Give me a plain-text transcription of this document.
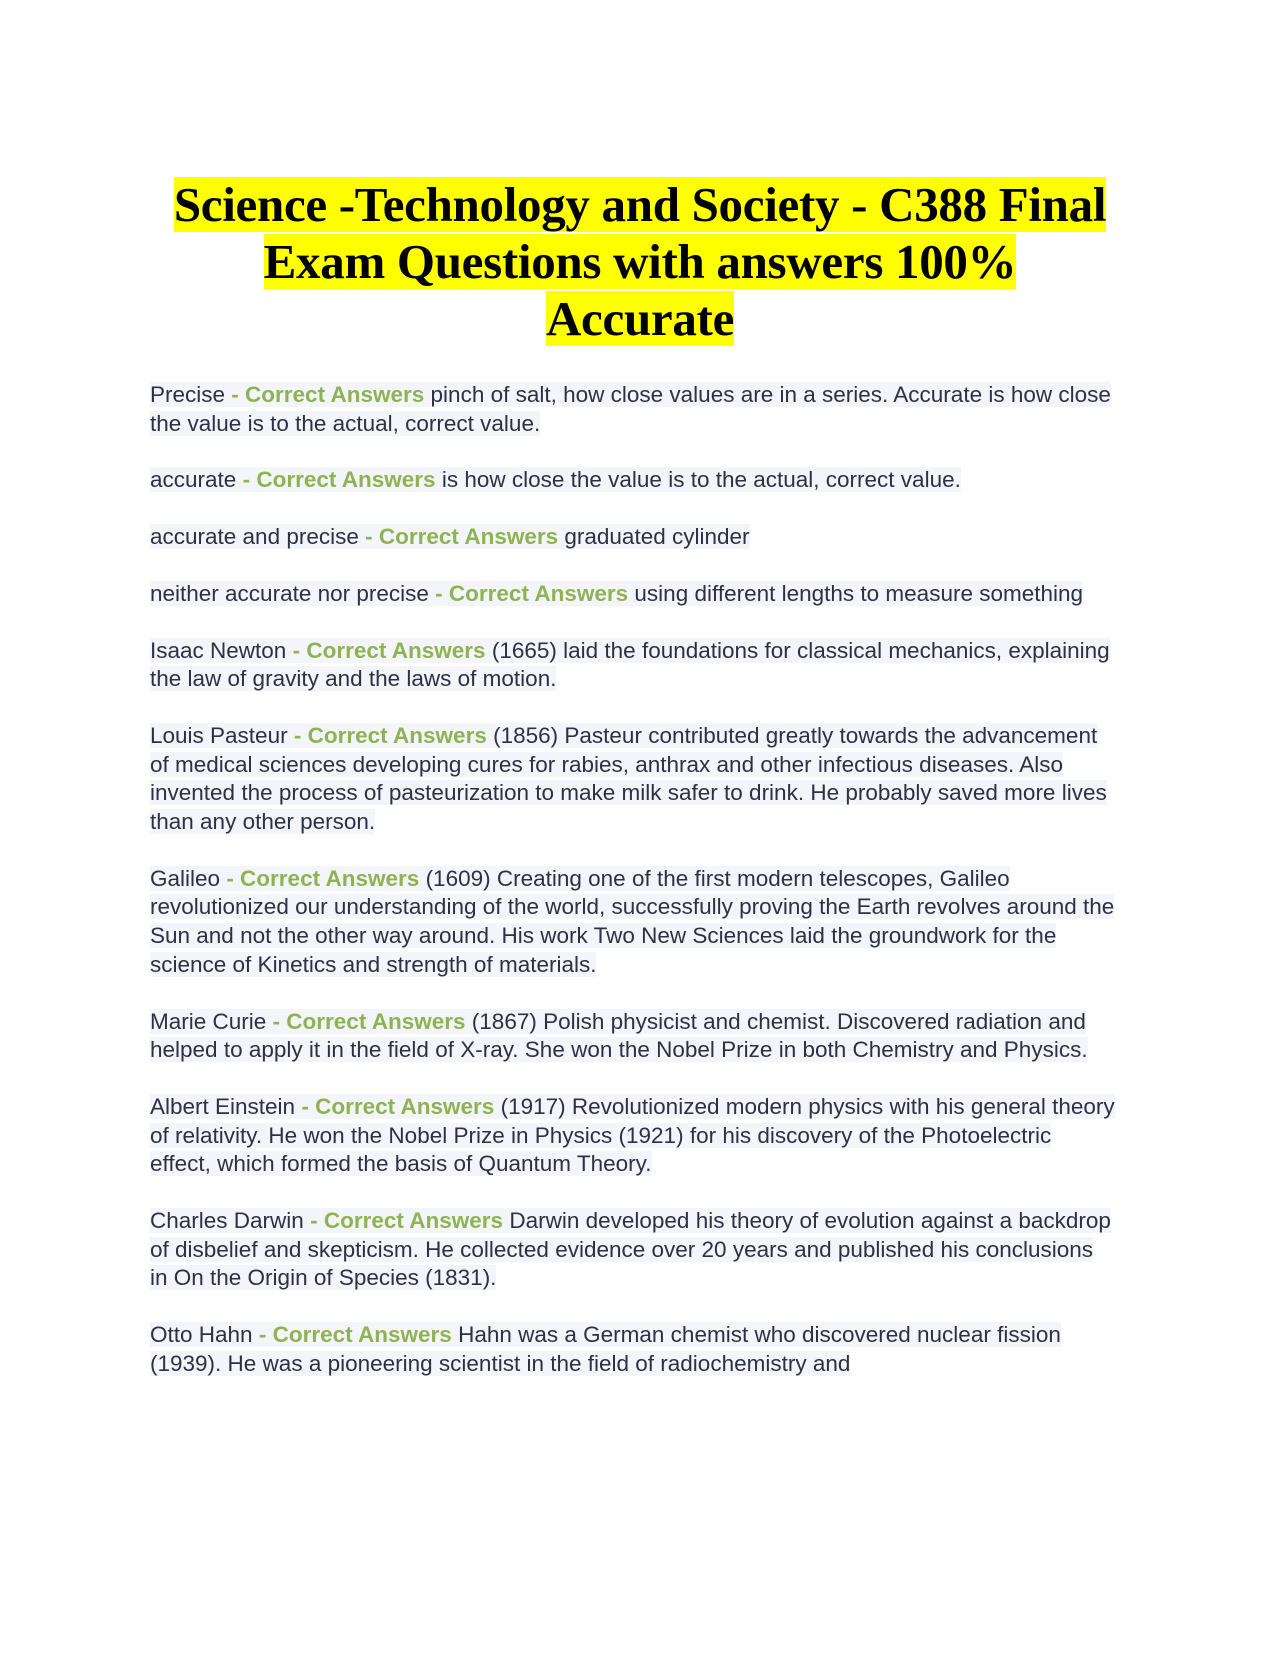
Science -Technology and Society - C388 Final
Exam Questions with answers 100%
Accurate

Precise - Correct Answers pinch of salt, how close values are in a series. Accurate is how close the value is to the actual, correct value.

accurate - Correct Answers is how close the value is to the actual, correct value.

accurate and precise - Correct Answers graduated cylinder

neither accurate nor precise - Correct Answers using different lengths to measure something

Isaac Newton - Correct Answers (1665) laid the foundations for classical mechanics, explaining the law of gravity and the laws of motion.

Louis Pasteur - Correct Answers (1856) Pasteur contributed greatly towards the advancement of medical sciences developing cures for rabies, anthrax and other infectious diseases. Also invented the process of pasteurization to make milk safer to drink. He probably saved more lives than any other person.

Galileo - Correct Answers (1609) Creating one of the first modern telescopes, Galileo revolutionized our understanding of the world, successfully proving the Earth revolves around the Sun and not the other way around. His work Two New Sciences laid the groundwork for the science of Kinetics and strength of materials.

Marie Curie - Correct Answers (1867) Polish physicist and chemist. Discovered radiation and helped to apply it in the field of X-ray. She won the Nobel Prize in both Chemistry and Physics.

Albert Einstein - Correct Answers (1917) Revolutionized modern physics with his general theory of relativity. He won the Nobel Prize in Physics (1921) for his discovery of the Photoelectric effect, which formed the basis of Quantum Theory.

Charles Darwin - Correct Answers Darwin developed his theory of evolution against a backdrop of disbelief and skepticism. He collected evidence over 20 years and published his conclusions in On the Origin of Species (1831).

Otto Hahn - Correct Answers Hahn was a German chemist who discovered nuclear fission (1939). He was a pioneering scientist in the field of radiochemistry and
